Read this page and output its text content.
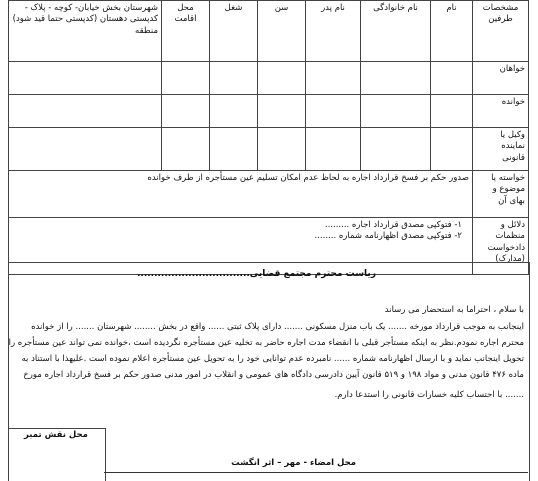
مشخصات طرفین	نام	نام خانوادگی	نام پدر	سن	شغل	محل اقامت	شهرستان بخش خیابان- کوچه - پلاک - کدپستی دهستان (کدپستی حتما قید شود) منطقه
خواهان							
خوانده							
وکیل یا نماینده قانونی							
خواسته یا موضوع و بهای آن	صدور حکم بر فسخ قرارداد اجاره به لحاظ عدم امکان تسلیم عین مستأجره از طرف خوانده						
دلائل و منظمات دادخواست (مدارک)	۱- فتوکپی مصدق قرارداد اجاره .........
۲- فتوکپی مصدق اظهارنامه شماره ........						
ریاست محترم مجتمع قضایی.................................
با سلام ، احتراما به استحضار می رساند
اینجانب به موجب قرارداد مورخه ....... یک باب منزل مسکونی ....... دارای پلاک ثبتی ...... واقع در بخش ........ شهرستان ....... را از خوانده
محترم اجاره نمودم.نظر به اینکه مستأجر قبلی با انقضاء مدت اجاره حاضر به تخلیه عین مستأجره نگردیده است ،خوانده نمی تواند عین مستأجره را
تحویل اینجانب نماید و با ارسال اظهارنامه شماره ...... نامبرده عدم توانایی خود را به تحویل عین مستأجره اعلام نموده است .علیهذا با استناد به
ماده ۴۷۶ قانون مدنی و مواد ۱۹۸ و ۵۱۹ قانون آیین دادرسی دادگاه های عمومی و انقلاب در امور مدنی صدور حکم بر فسخ قرارداد اجاره مورخ
....... با احتساب کلیه خسارات قانونی را استدعا دارم.
محل نقش تمبر
محل امضاء - مهر – اثر انگشت
